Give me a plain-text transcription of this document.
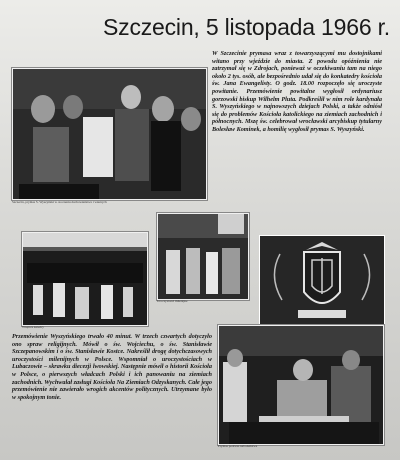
Szczecin, 5 listopada 1966 r.
Szczecin, prymas S. Wyszyński w otoczeniu duchowieństwa i wiernych
W Szczecinie prymasa wraz z towarzyszącymi mu dostojnikami witano przy wjeździe do miasta. Z powodu opóźnienia nie zatrzymał się w Zdrojach, ponieważ w oczekiwaniu tam na niego około 2 tys. osób, ale bezpośrednio udał się do konkatedry kościoła św. Jana Ewangelisty. O godz. 18.00 rozpoczęło się uroczyste powitanie. Przemówienie powitalne wygłosił ordynariusz gorzowski biskup Wilhelm Pluta. Podkreślił w nim role kardynała S. Wyszyńskiego w najnowszych dziejach Polski, a także odniósł się do problemów Kościoła katolickiego na ziemiach zachodnich i północnych. Mszę św. celebrował wrocławski arcybiskup tytularny Bolesław Kominek, a homilię wygłosił prymas S. Wyszyński.
Wnętrze katedry
Uroczystości milenijne
Przemówienie Wyszyńskiego trwało 40 minut. W trzech czwartych dotyczyło ono spraw religijnych. Mówił o św. Wojciechu, o św. Stanisławie Szczepanowskim i o św. Stanisławie Kostce. Nakreślił drogę dotychczasowych uroczystości milenijnych w Polsce. Wspomniał o uroczystościach w Lubaczowie – skrawku diecezji lwowskiej. Następnie mówił o historii Kościoła w Polsce, o pierwszych władcach Polski i ich panowaniu na ziemiach zachodnich. Wychwalał zasługi Kościoła Na Ziemiach Odzyskanych. Całe jego przemówienie nie zawierało wrogich akcentów politycznych. Utrzymane było w spokojnym tonie.
Prymas podczas nabożeństwa
